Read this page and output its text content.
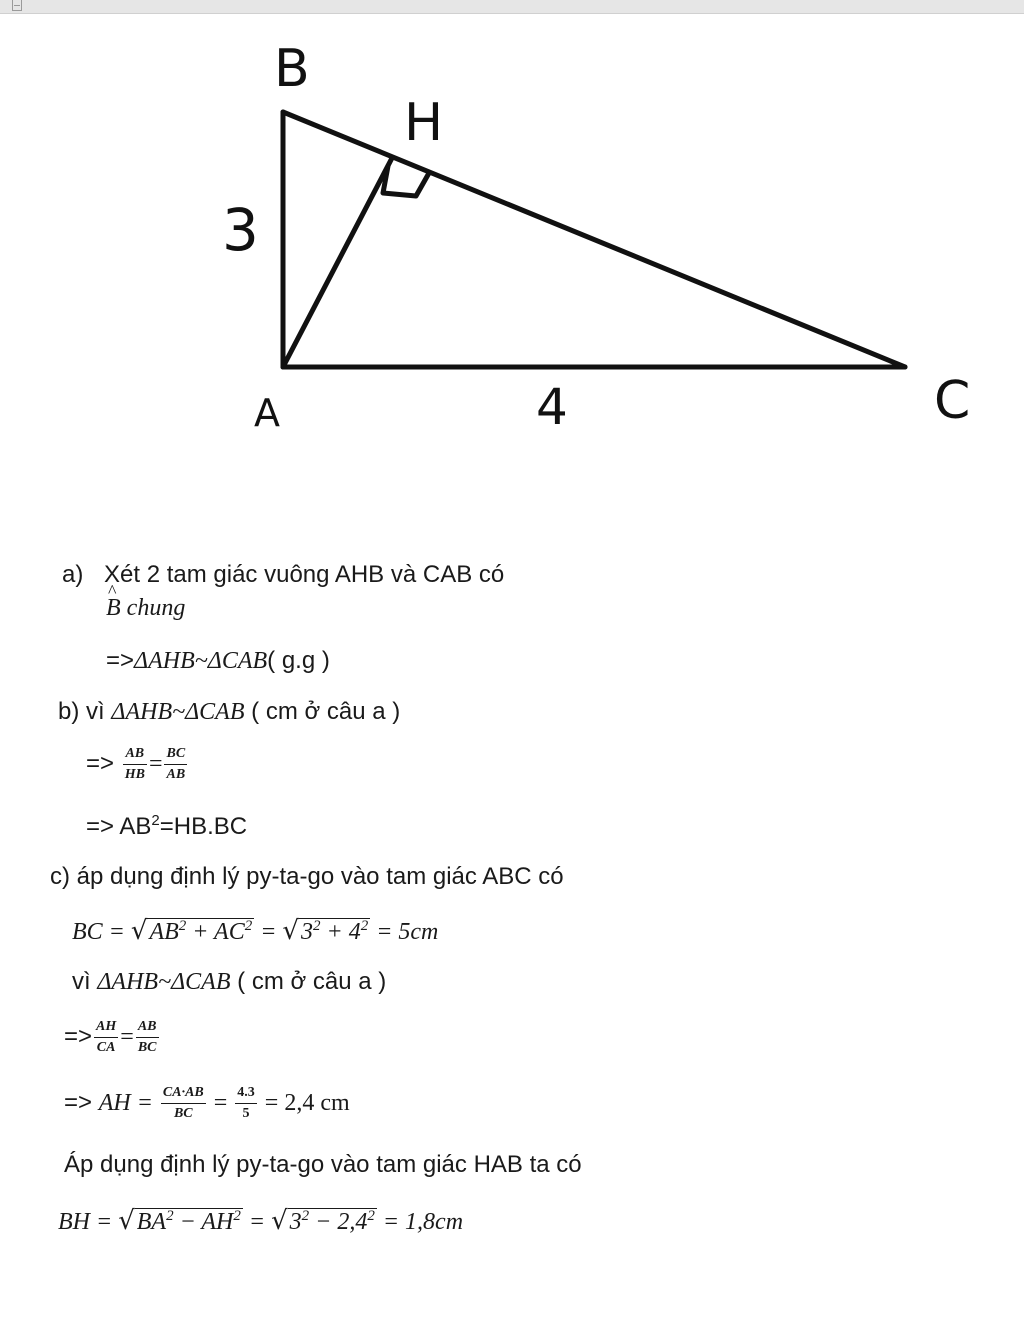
B
H
A	C
3
4
a) Xét 2 tam giác vuông AHB và CAB có
^ B chung
=>ΔAHB~ΔCAB( g.g )
b) vì ΔAHB~ΔCAB ( cm ở câu a )
=> $\frac{AB}{HB} = \frac{BC}{AB}$
=> $AB^2=HB.BC$
c) áp dụng định lý py-ta-go vào tam giác ABC có
BC = $√AB^2 + AC^2 = √3^2 + 4^2 = 5cm$
vì ΔAHB~ΔCAB ( cm ở câu a )
=> $\frac{AH}{CA} = \frac{AB}{BC}$
=> AH = $\frac{CA\cdot AB}{BC} = \frac{4.3}{5} = 2,4$ cm
Áp dụng định lý py-ta-go vào tam giác HAB ta có
BH = $√BA^2 - AH^2 = √3^2 - 2,4^2 = 1,8cm$
